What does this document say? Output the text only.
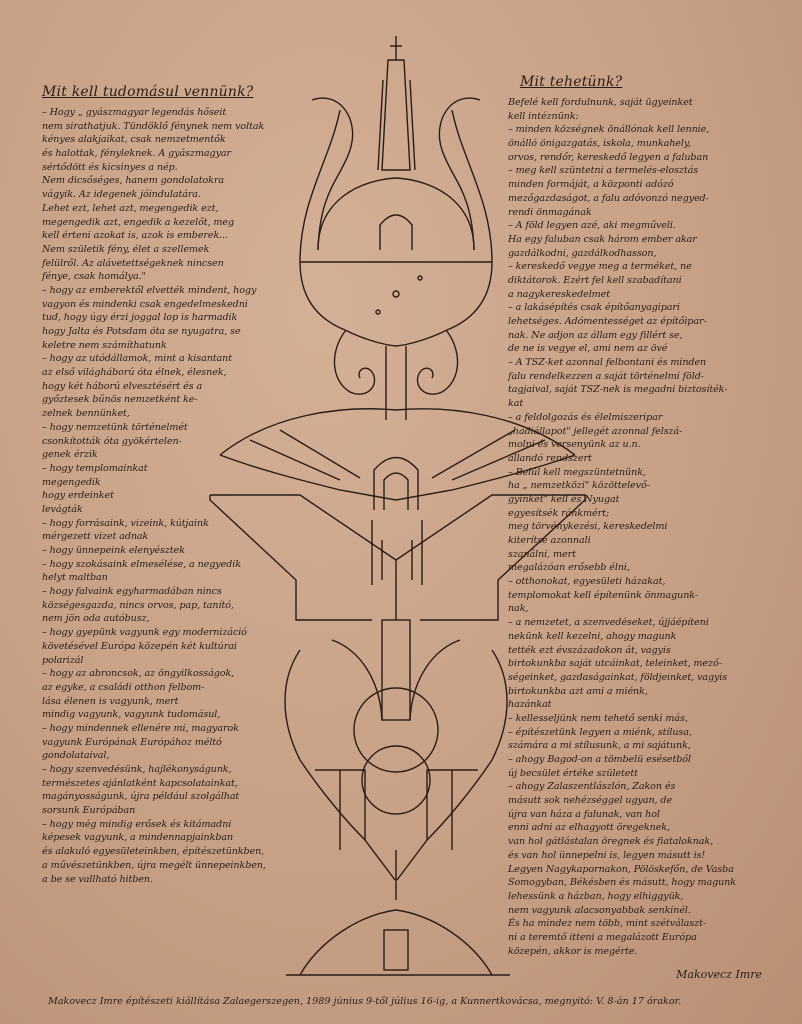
Mit kell tudomásul vennünk?
– Hogy „ gyászmagyar legendás hőseit
nem sirathatjuk. Tündöklő fénynek nem voltak
kényes alakjaikat, csak nemzetmentők
és halottak, fényleknek. A gyászmagyar
sértődött és kicsinyes a nép.
Nem dicsőséges, hanem gondolatokra
vágyik. Az idegenek jóindulatára.
Lehet ezt, lehet azt, megengedik ezt,
megengedik azt, engedik a kezelőt, meg
kell érteni azokat is, azok is emberek...
Nem születik fény, élet a szellemek
felülről. Az alávetettségeknek nincsen
fénye, csak homálya."
– hogy az emberektől elvették mindent, hogy
vagyon és mindenki csak engedelmeskedni
tud, hogy úgy érzi joggal lop is harmadik
hogy Jalta és Potsdam óta se nyugatra, se
keletre nem számíthatunk
– hogy az utódállamok, mint a kisantant
az első világháború óta élnek, élesnek,
hogy két háború elvesztésért és a
győztesek bűnös nemzetként ke-
zelnek bennünket,
– hogy nemzetünk történelmét
csonkították óta gyökértelen-
genek érzik
– hogy templomainkat
megengedik
hogy erdeinket
levágták
– hogy forrásaink, vizeink, kútjaink
mérgezett vizet adnak
– hogy ünnepeink elenyésztek
– hogy szokásaink elmesélése, a negyedik
helyt maltban
– hogy falvaink egyharmadában nincs
községesgazda, nincs orvos, pap, tanító,
nem jön oda autóbusz,
– hogy gyepünk vagyunk egy modernizáció
követésével Európa közepén két kultúrai
polarizál
– hogy az abroncsok, az öngyilkosságok,
az egyke, a családi otthon felbom-
lása élenen is vagyunk, mert
mindig vagyunk, vagyunk tudomásul,
– hogy mindennek ellenére mi, magyarok
vagyunk Európának Európához méltó
gondolataival,
– hogy szenvedésünk, hajlékonyságunk,
természetes ajánlatként kapcsolatainkat,
magányosságunk, újra például szolgálhat
sorsunk Európában
– hogy még mindig erősek és kitámadni
képesek vagyunk, a mindennapjainkban
és alakuló egyesületeinkben, építészetünkben,
a művészetünkben, újra megélt ünnepeinkben,
a be se vallható hitben.
Mit tehetünk?
Befelé kell fordulnunk, saját ügyeinket
kell intéznünk:
– minden községnek önállónak kell lennie,
önálló önigazgatás, iskola, munkahely,
orvos, rendőr, kereskedő legyen a faluban
– meg kell szüntetni a termelés-elosztás
minden formáját, a központi adózó
mezőgazdaságot, a falu adóvonzó negyed-
rendi önmagának
– A föld legyen azé, aki megműveli.
Ha egy faluban csak három ember akar
gazdálkodni, gazdálkodhasson,
– kereskedő vegye meg a terméket, ne
diktátorok. Ezért fel kell szabadítani
a nagykereskedelmet
– a lakásépítés csak építőanyagipari
lehetséges. Adómentességet az építőipar-
nak. Ne adjon az állam egy fillért se,
de ne is vegye el, ami nem az övé
– A TSZ-ket azonnal felbontani és minden
falu rendelkezzen a saját történelmi föld-
tagjaival, saját TSZ-nek is megadni biztosíték-
kat
– a feldolgozás és élelmiszeripar
„hadiállapot" jellegét azonnal felszá-
molni és versenyünk az u.n.
állandó rendszert
– Belül kell megszüntetnünk,
ha „ nemzetközi" közöttelevő-
gyinket" kell és Nyugat
egyesítsék ránkmért;
meg törvénykezési, kereskedelmi
kiterítse azonnali
szanálni, mert
megalázóan erősebb élni,
– otthonokat, egyesületi házakat,
templomokat kell építenünk önmagunk-
nak,
– a nemzetet, a szenvedéseket, újjáépíteni
nekünk kell kezelni, ahogy magunk
tették ezt évszázadokon át, vagyis
birtokunkba saját utcáinkat, teleinket, mező-
ségeinket, gazdaságainkat, földjeinket, vagyis
birtokunkba azt ami a miénk,
hazánkat
– kellesseljünk nem tehető senki más,
– építészetünk legyen a miénk, stílusa,
számára a mi stílusunk, a mi sajátunk,
– ahogy Bagod-on a tömbelü esésetből
új becsület értéke született
– ahogy Zalaszentlászlón, Zakon és
másutt sok nehézséggel ugyan, de
újra van háza a falunak, van hol
enni adni az elhagyott öregeknek,
van hol gátlástalan öregnek és fiataloknak,
és van hol ünnepelni is, legyen másutt is!
Legyen Nagykapornakon, Pölöskefőn, de Vasba
Somogyban, Békésben és másutt, hogy magunk
lehessünk a házban, hogy elhiggyük,
nem vagyunk alacsonyabbak senkinél.
És ha mindez nem több, mint szétválaszt-
ni a teremtő itteni a megalázott Európa
közepén, akkor is megérte.
Makovecz Imre
Makovecz Imre építészeti kiállítása Zalaegerszegen, 1989 június 9-től július 16-ig, a Kunnertkovácsa, megnyitó: V. 8-án 17 órakor.
